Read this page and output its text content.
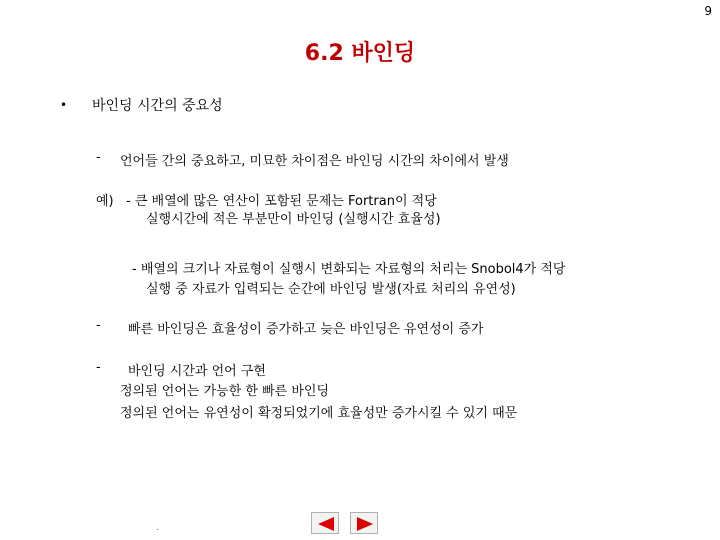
9
6.2 바인딩
• 바인딩 시간의 중요성
- 언어들 간의 중요하고, 미묘한 차이점은 바인딩 시간의 차이에서 발생
예) - 큰 배열에 많은 연산이 포함된 문제는 Fortran이 적당
실행시간에 적은 부분만이 바인딩 (실행시간 효율성)
- 배열의 크기나 자료형이 실행시 변화되는 자료형의 처리는 Snobol4가 적당
실행 중 자료가 입력되는 순간에 바인딩 발생(자료 처리의 유연성)
- 빠른 바인딩은 효율성이 증가하고 늦은 바인딩은 유연성이 증가
- 바인딩 시간과 언어 구현
정의된 언어는 가능한 한 빠른 바인딩
정의된 언어는 유연성이 확정되었기에 효율성만 증가시킬 수 있기 때문
.
